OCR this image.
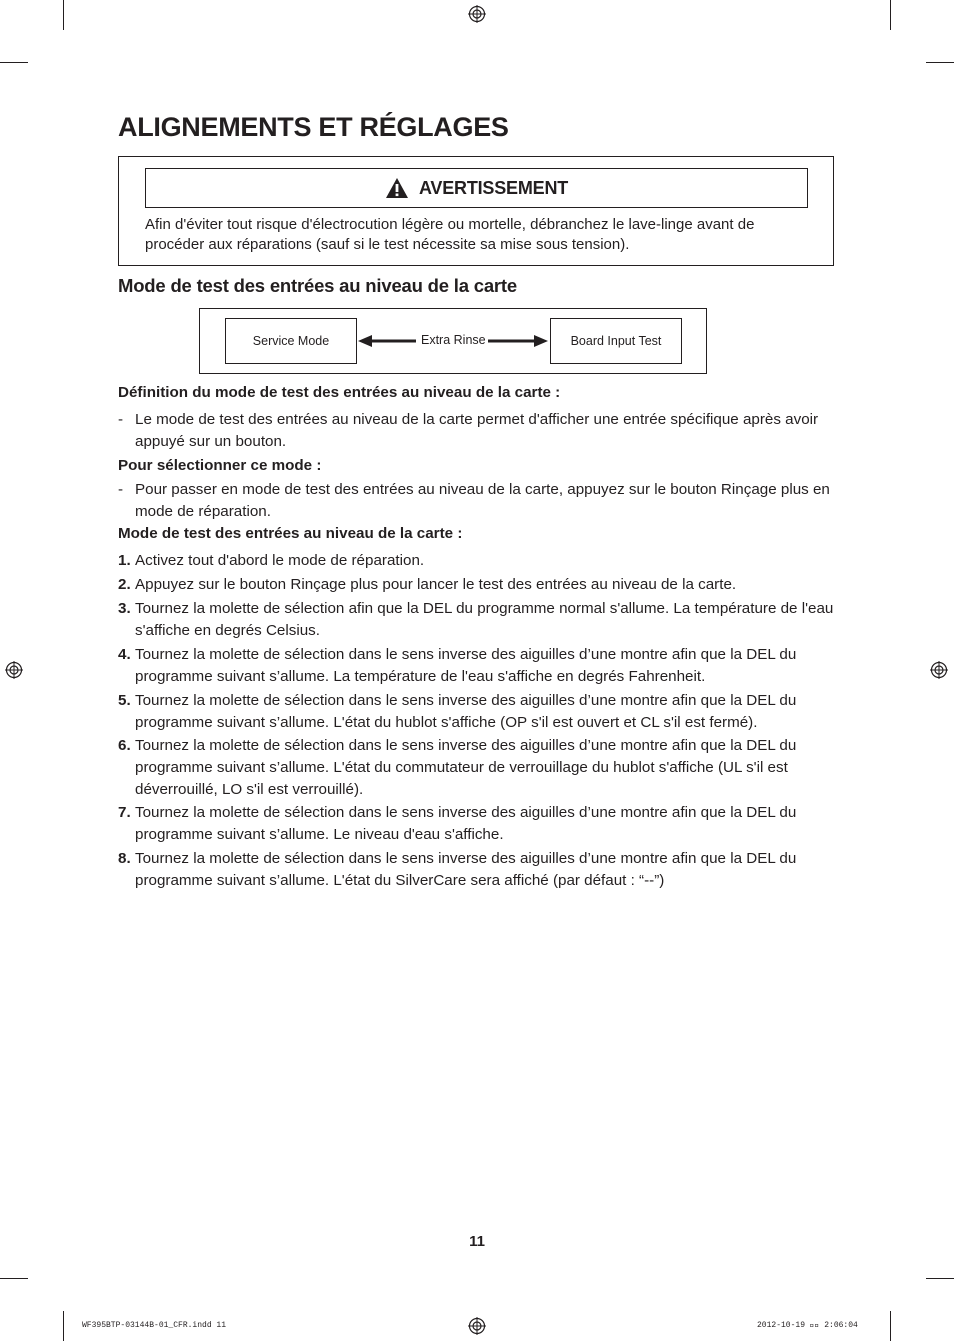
ALIGNEMENTS ET RÉGLAGES
AVERTISSEMENT
Afin d'éviter tout risque d'électrocution légère ou mortelle, débranchez le lave-linge avant de procéder aux réparations (sauf si le test nécessite sa mise sous tension).
Mode de test des entrées au niveau de la carte
Service Mode	Extra Rinse	Board Input Test
Définition du mode de test des entrées au niveau de la carte :
- Le mode de test des entrées au niveau de la carte permet d'afficher une entrée spécifique après avoir appuyé sur un bouton.
Pour sélectionner ce mode :
- Pour passer en mode de test des entrées au niveau de la carte, appuyez sur le bouton Rinçage plus en mode de réparation.
Mode de test des entrées au niveau de la carte :
1. Activez tout d'abord le mode de réparation.
2. Appuyez sur le bouton Rinçage plus pour lancer le test des entrées au niveau de la carte.
3. Tournez la molette de sélection afin que la DEL du programme normal s'allume. La température de l'eau s'affiche en degrés Celsius.
4. Tournez la molette de sélection dans le sens inverse des aiguilles d’une montre afin que la DEL du programme suivant s’allume. La température de l'eau s'affiche en degrés Fahrenheit.
5. Tournez la molette de sélection dans le sens inverse des aiguilles d’une montre afin que la DEL du programme suivant s’allume. L'état du hublot s'affiche (OP s'il est ouvert et CL s'il est fermé).
6. Tournez la molette de sélection dans le sens inverse des aiguilles d’une montre afin que la DEL du programme suivant s’allume. L'état du commutateur de verrouillage du hublot s'affiche (UL s'il est déverrouillé, LO s'il est verrouillé).
7. Tournez la molette de sélection dans le sens inverse des aiguilles d’une montre afin que la DEL du programme suivant s’allume. Le niveau d'eau s'affiche.
8. Tournez la molette de sélection dans le sens inverse des aiguilles d’une montre afin que la DEL du programme suivant s’allume. L'état du SilverCare sera affiché (par défaut : “--”)
11
WF395BTP-03144B-01_CFR.indd 11	2012-10-19 ￿￿ 2:06:04
